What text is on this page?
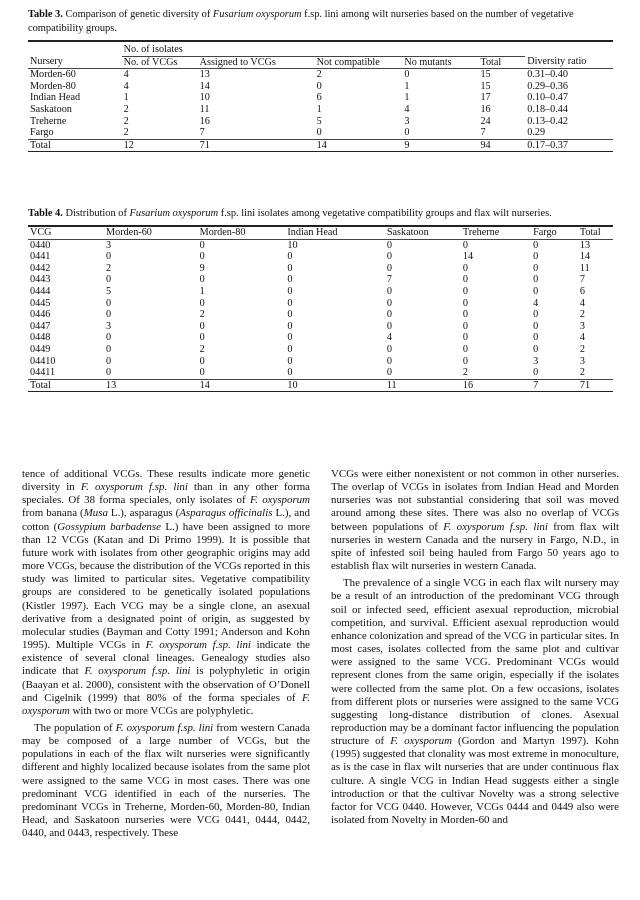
Table 3. Comparison of genetic diversity of Fusarium oxysporum f.sp. lini among wilt nurseries based on the number of vegetative compatibility groups.

	No. of isolates					
Nursery	No. of VCGs	Assigned to VCGs	Not compatible	No mutants	Total	Diversity ratio
Morden-60	4	13	2	0	15	0.31–0.40
Morden-80	4	14	0	1	15	0.29–0.36
Indian Head	1	10	6	1	17	0.10–0.47
Saskatoon	2	11	1	4	16	0.18–0.44
Treherne	2	16	5	3	24	0.13–0.42
Fargo	2	7	0	0	7	0.29
Total	12	71	14	9	94	0.17–0.37

Table 4. Distribution of Fusarium oxysporum f.sp. lini isolates among vegetative compatibility groups and flax wilt nurseries.

VCG	Morden-60	Morden-80	Indian Head	Saskatoon	Treherne	Fargo	Total
0440	3	0	10	0	0	0	13
0441	0	0	0	0	14	0	14
0442	2	9	0	0	0	0	11
0443	0	0	0	7	0	0	7
0444	5	1	0	0	0	0	6
0445	0	0	0	0	0	4	4
0446	0	2	0	0	0	0	2
0447	3	0	0	0	0	0	3
0448	0	0	0	4	0	0	4
0449	0	2	0	0	0	0	2
04410	0	0	0	0	0	3	3
04411	0	0	0	0	2	0	2
Total	13	14	10	11	16	7	71

tence of additional VCGs. These results indicate more genetic diversity in F. oxysporum f.sp. lini than in any other forma speciales. Of 38 forma speciales, only isolates of F. oxysporum from banana (Musa L.), asparagus (Asparagus officinalis L.), and cotton (Gossypium barbadense L.) have been assigned to more than 12 VCGs (Katan and Di Primo 1999). It is possible that future work with isolates from other geographic origins may add more VCGs, because the distribution of the VCGs reported in this study was limited to particular sites. Vegetative compatibility groups are considered to be genetically isolated populations (Kistler 1997). Each VCG may be a single clone, an asexual derivative from a designated point of origin, as suggested by molecular studies (Bayman and Cotty 1991; Anderson and Kohn 1995). Multiple VCGs in F. oxysporum f.sp. lini indicate the existence of several clonal lineages. Genealogy studies also indicate that F. oxysporum f.sp. lini is polyphyletic in origin (Baayan et al. 2000), consistent with the observation of O’Donell and Cigelnik (1999) that 80% of the forma speciales of F. oxysporum with two or more VCGs are polyphyletic.

The population of F. oxysporum f.sp. lini from western Canada may be composed of a large number of VCGs, but the populations in each of the flax wilt nurseries were significantly different and highly localized because isolates from the same plot were assigned to the same VCG in most cases. There was one predominant VCG identified in each of the nurseries. The predominant VCGs in Treherne, Morden-60, Morden-80, Indian Head, and Saskatoon nurseries were VCG 0441, 0444, 0442, 0440, and 0443, respectively. These

VCGs were either nonexistent or not common in other nurseries. The overlap of VCGs in isolates from Indian Head and Morden nurseries was not substantial considering that soil was moved around among these sites. There was also no overlap of VCGs between populations of F. oxysporum f.sp. lini from flax wilt nurseries in western Canada and the nursery in Fargo, N.D., in spite of infested soil being hauled from Fargo 50 years ago to establish flax wilt nurseries in western Canada.

The prevalence of a single VCG in each flax wilt nursery may be a result of an introduction of the predominant VCG through soil or infected seed, efficient asexual reproduction, microbial competition, and survival. Efficient asexual reproduction would enhance colonization and spread of the VCG in particular sites. In most cases, isolates collected from the same plot and cultivar were assigned to the same VCG. Predominant VCGs would represent clones from the same origin, especially if the isolates were collected from the same plot. On a few occasions, isolates from different plots or nurseries were assigned to the same VCG suggesting long-distance distribution of clones. Asexual reproduction may be a dominant factor influencing the population structure of F. oxysporum (Gordon and Martyn 1997). Kohn (1995) suggested that clonality was most extreme in monoculture, as is the case in flax wilt nurseries that are under continuous flax culture. A single VCG in Indian Head suggests either a single introduction or that the cultivar Novelty was a strong selective factor for VCG 0440. However, VCGs 0444 and 0449 also were isolated from Novelty in Morden-60 and
